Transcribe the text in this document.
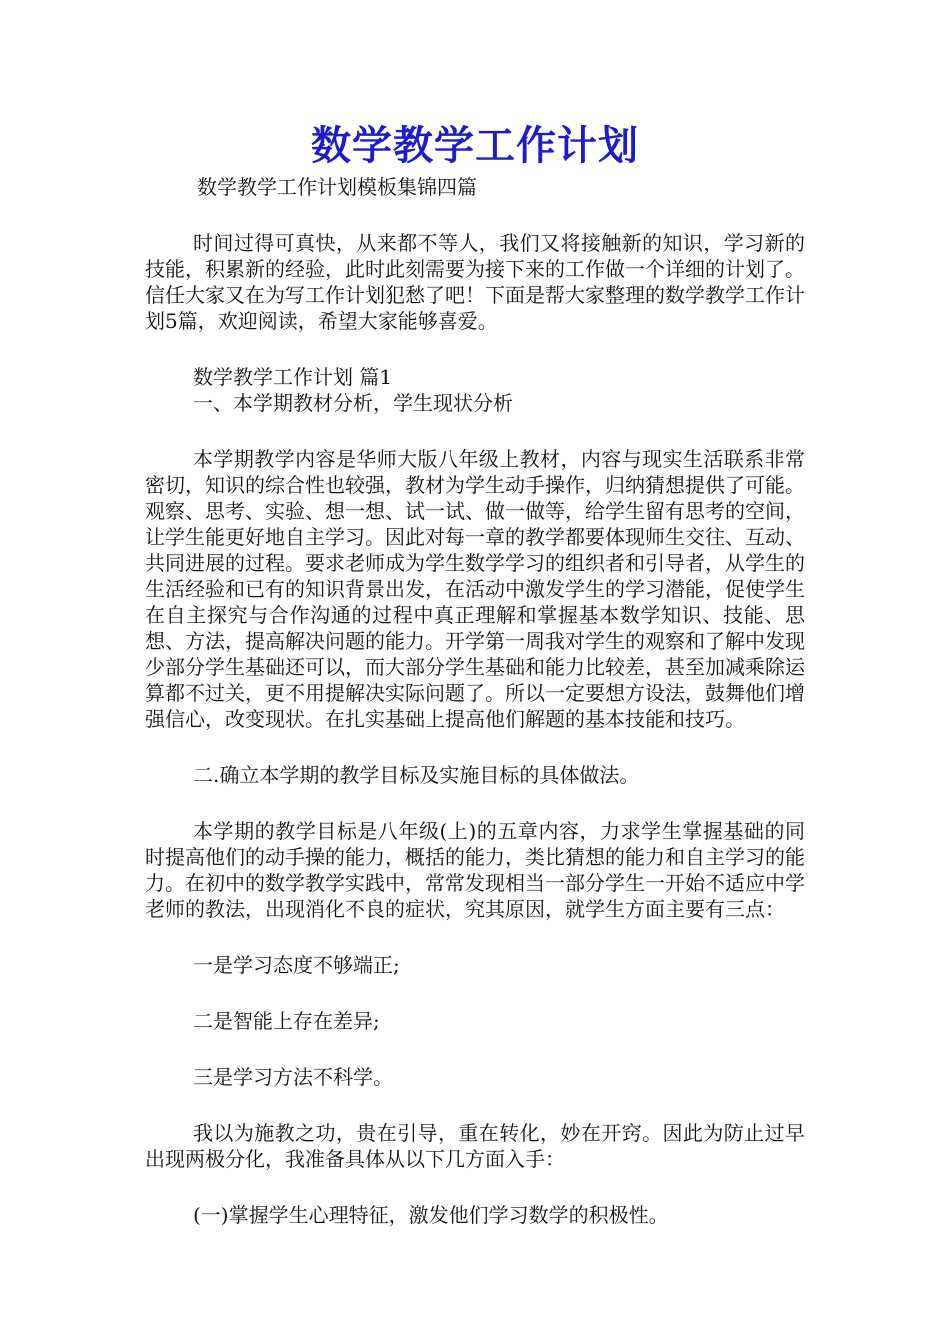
数学教学工作计划
数学教学工作计划模板集锦四篇

时间过得可真快，从来都不等人，我们又将接触新的知识，学习新的技能，积累新的经验，此时此刻需要为接下来的工作做一个详细的计划了。信任大家又在为写工作计划犯愁了吧！下面是帮大家整理的数学教学工作计划5篇，欢迎阅读，希望大家能够喜爱。

数学教学工作计划 篇1

一、本学期教材分析，学生现状分析

本学期教学内容是华师大版八年级上教材，内容与现实生活联系非常密切，知识的综合性也较强，教材为学生动手操作，归纳猜想提供了可能。观察、思考、实验、想一想、试一试、做一做等，给学生留有思考的空间，让学生能更好地自主学习。因此对每一章的教学都要体现师生交往、互动、共同进展的过程。要求老师成为学生数学学习的组织者和引导者，从学生的生活经验和已有的知识背景出发，在活动中激发学生的学习潜能，促使学生在自主探究与合作沟通的过程中真正理解和掌握基本数学知识、技能、思想、方法，提高解决问题的能力。开学第一周我对学生的观察和了解中发现少部分学生基础还可以，而大部分学生基础和能力比较差，甚至加减乘除运算都不过关，更不用提解决实际问题了。所以一定要想方设法，鼓舞他们增强信心，改变现状。在扎实基础上提高他们解题的基本技能和技巧。

二.确立本学期的教学目标及实施目标的具体做法。

本学期的教学目标是八年级(上)的五章内容，力求学生掌握基础的同时提高他们的动手操的能力，概括的能力，类比猜想的能力和自主学习的能力。在初中的数学教学实践中，常常发现相当一部分学生一开始不适应中学老师的教法，出现消化不良的症状，究其原因，就学生方面主要有三点：

一是学习态度不够端正;

二是智能上存在差异;

三是学习方法不科学。

我以为施教之功，贵在引导，重在转化，妙在开窍。因此为防止过早出现两极分化，我准备具体从以下几方面入手：

(一)掌握学生心理特征，激发他们学习数学的积极性。
